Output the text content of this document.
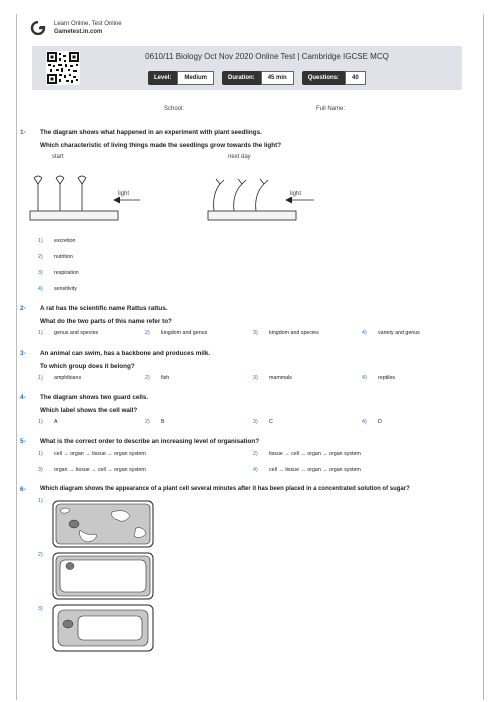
Learn Online, Test Online
Gametest.in.com
0610/11 Biology Oct Nov 2020 Online Test | Cambridge IGCSE MCQ
Level:	Medium	Duration:	45 min	Questions:	40
School:	Full Name:
1- The diagram shows what happened in an experiment with plant seedlings.
Which characteristic of living things made the seedlings grow towards the light?
start	next day
light	light
2- A rat has the scientific name Rattus rattus.
What do the two parts of this name refer to?
3- An animal can swim, has a backbone and produces milk.
To which group does it belong?
4- The diagram shows two guard cells.
Which label shows the cell wall?
5- What is the correct order to describe an increasing level of organisation?
6- Which diagram shows the appearance of a plant cell several minutes after it has been placed in a concentrated solution of sugar?
1)
2)
3)
1) excretion
2) nutrition
3) respiration
4) sensitivity
1) genus and species	2) kingdom and genus	3) kingdom and species	4) variety and genus
1) amphibians	2) fish	3) mammals	4) reptiles
1) A	2) B	3) C	4) D
1) cell → organ → tissue → organ system	2) tissue → cell → organ → organ system
3) organ → tissue → cell → organ system	4) cell → tissue → organ → organ system
